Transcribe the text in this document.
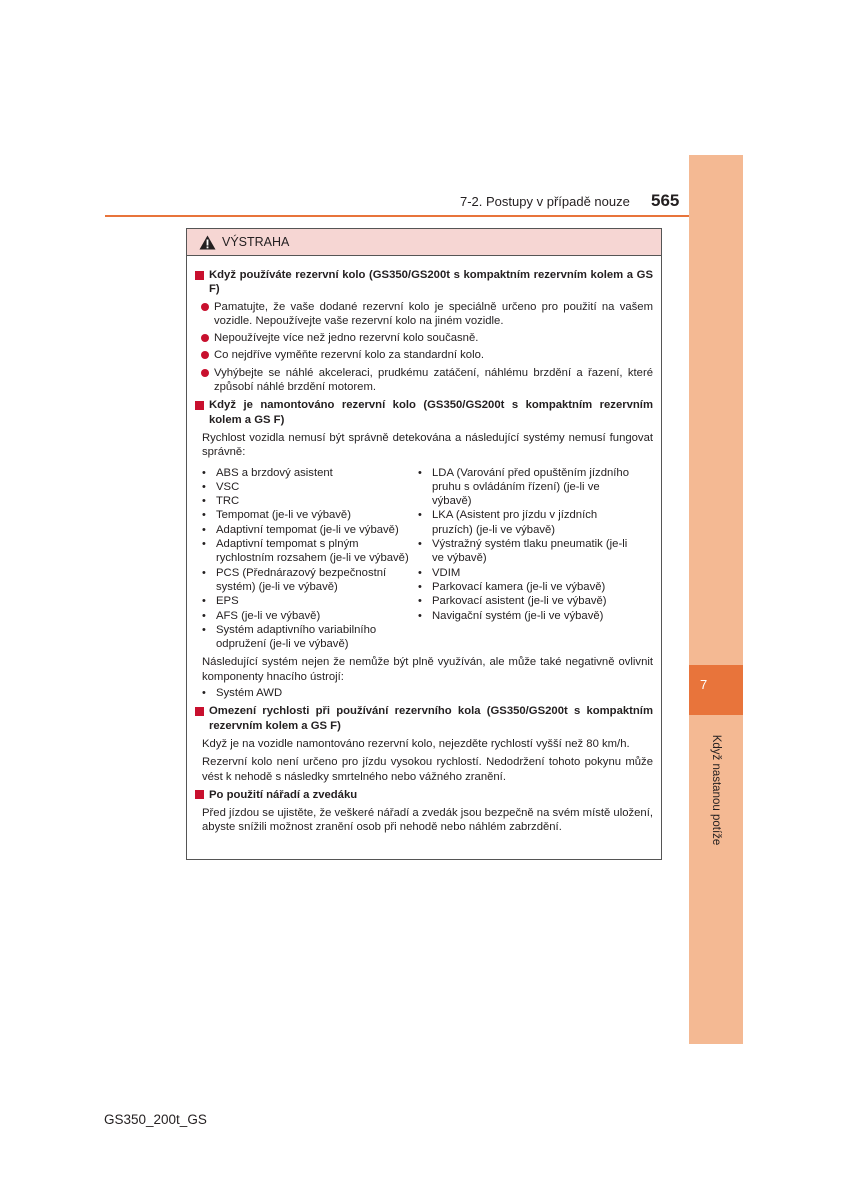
7
Když nastanou potíže
7-2. Postupy v případě nouze 565
VÝSTRAHA
Když používáte rezervní kolo (GS350/GS200t s kompaktním rezervním kolem a GS F)
Pamatujte, že vaše dodané rezervní kolo je speciálně určeno pro použití na vašem vozidle. Nepoužívejte vaše rezervní kolo na jiném vozidle.
Nepoužívejte více než jedno rezervní kolo současně.
Co nejdříve vyměňte rezervní kolo za standardní kolo.
Vyhýbejte se náhlé akceleraci, prudkému zatáčení, náhlému brzdění a řazení, které způsobí náhlé brzdění motorem.
Když je namontováno rezervní kolo (GS350/GS200t s kompaktním rezervním kolem a GS F)
Rychlost vozidla nemusí být správně detekována a následující systémy nemusí fungovat správně:
• ABS a brzdový asistent
• VSC
• TRC
• Tempomat (je-li ve výbavě)
• Adaptivní tempomat (je-li ve výbavě)
• Adaptivní tempomat s plným rychlostním rozsahem (je-li ve výbavě)
• PCS (Přednárazový bezpečnostní systém) (je-li ve výbavě)
• EPS
• AFS (je-li ve výbavě)
• Systém adaptivního variabilního odpružení (je-li ve výbavě)
• LDA (Varování před opuštěním jízdního pruhu s ovládáním řízení) (je-li ve výbavě)
• LKA (Asistent pro jízdu v jízdních pruzích) (je-li ve výbavě)
• Výstražný systém tlaku pneumatik (je-li ve výbavě)
• VDIM
• Parkovací kamera (je-li ve výbavě)
• Parkovací asistent (je-li ve výbavě)
• Navigační systém (je-li ve výbavě)
Následující systém nejen že nemůže být plně využíván, ale může také negativně ovlivnit komponenty hnacího ústrojí:
• Systém AWD
Omezení rychlosti při používání rezervního kola (GS350/GS200t s kompaktním rezervním kolem a GS F)
Když je na vozidle namontováno rezervní kolo, nejezděte rychlostí vyšší než 80 km/h.
Rezervní kolo není určeno pro jízdu vysokou rychlostí. Nedodržení tohoto pokynu může vést k nehodě s následky smrtelného nebo vážného zranění.
Po použití nářadí a zvedáku
Před jízdou se ujistěte, že veškeré nářadí a zvedák jsou bezpečně na svém místě uložení, abyste snížili možnost zranění osob při nehodě nebo náhlém zabrzdění.
GS350_200t_GS
